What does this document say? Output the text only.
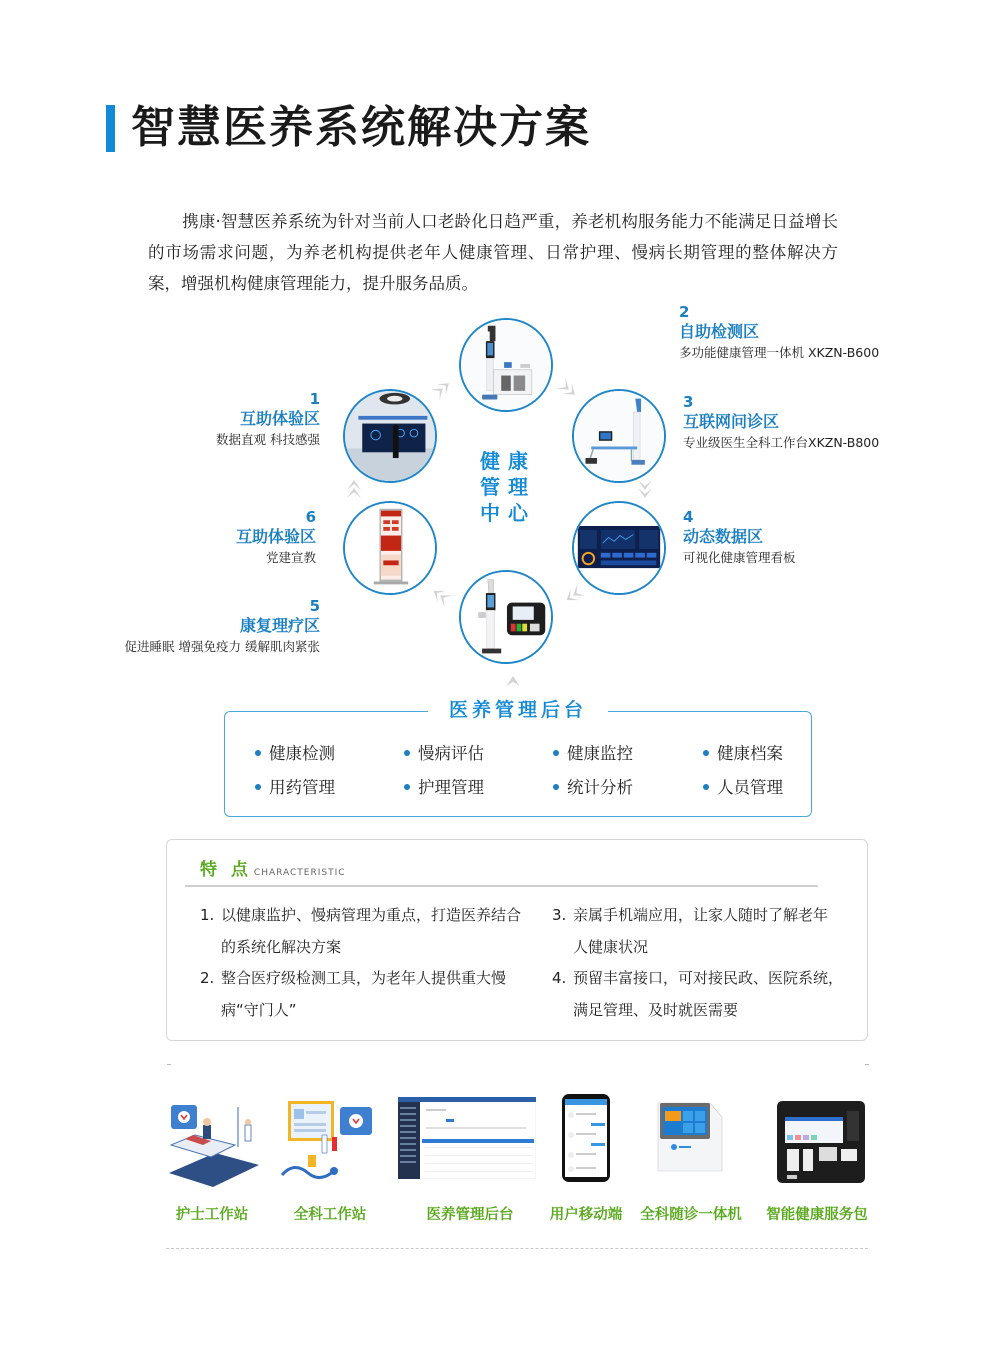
智慧医养系统解决方案

携康·智慧医养系统为针对当前人口老龄化日趋严重，养老机构服务能力不能满足日益增长的市场需求问题，为养老机构提供老年人健康管理、日常护理、慢病长期管理的整体解决方案，增强机构健康管理能力，提升服务品质。

健康
管理
中心
1
互助体验区
数据直观 科技感强
2
自助检测区
多功能健康管理一体机 XKZN-B600
3
互联网问诊区
专业级医生全科工作台XKZN-B800
4
动态数据区
可视化健康管理看板
6
互助体验区
党建宣教
5
康复理疗区
促进睡眠 增强免疫力 缓解肌肉紧张
医养管理后台
健康检测	慢病评估	健康监控	健康档案
用药管理	护理管理	统计分析	人员管理
特 点 CHARACTERISTIC
1. 以健康监护、慢病管理为重点，打造医养结合
的系统化解决方案
2. 整合医疗级检测工具，为老年人提供重大慢
病“守门人”
3. 亲属手机端应用，让家人随时了解老年
人健康状况
4. 预留丰富接口，可对接民政、医院系统，
满足管理、及时就医需要
护士工作站	全科工作站	医养管理后台	用户移动端	全科随诊一体机 智能健康服务包
